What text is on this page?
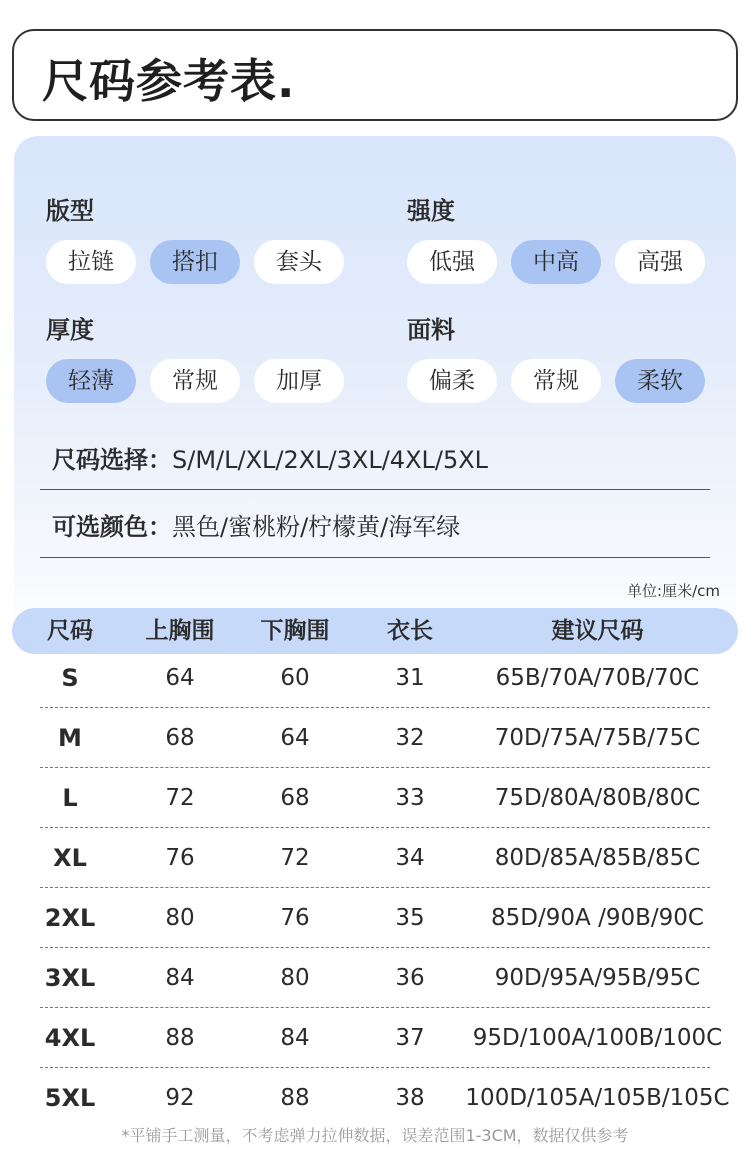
尺码参考表.
版型
拉链	搭扣	套头
强度
低强	中高	高强
厚度
轻薄	常规	加厚
面料
偏柔	常规	柔软
尺码选择：S/M/L/XL/2XL/3XL/4XL/5XL
可选颜色：黑色/蜜桃粉/柠檬黄/海军绿
单位:厘米/cm
尺码	上胸围	下胸围	衣长	建议尺码
S	64	60	31	65B/70A/70B/70C
M	68	64	32	70D/75A/75B/75C
L	72	68	33	75D/80A/80B/80C
XL	76	72	34	80D/85A/85B/85C
2XL	80	76	35	85D/90A /90B/90C
3XL	84	80	36	90D/95A/95B/95C
4XL	88	84	37	95D/100A/100B/100C
5XL	92	88	38	100D/105A/105B/105C
*平铺手工测量，不考虑弹力拉伸数据，误差范围1-3CM，数据仅供参考
